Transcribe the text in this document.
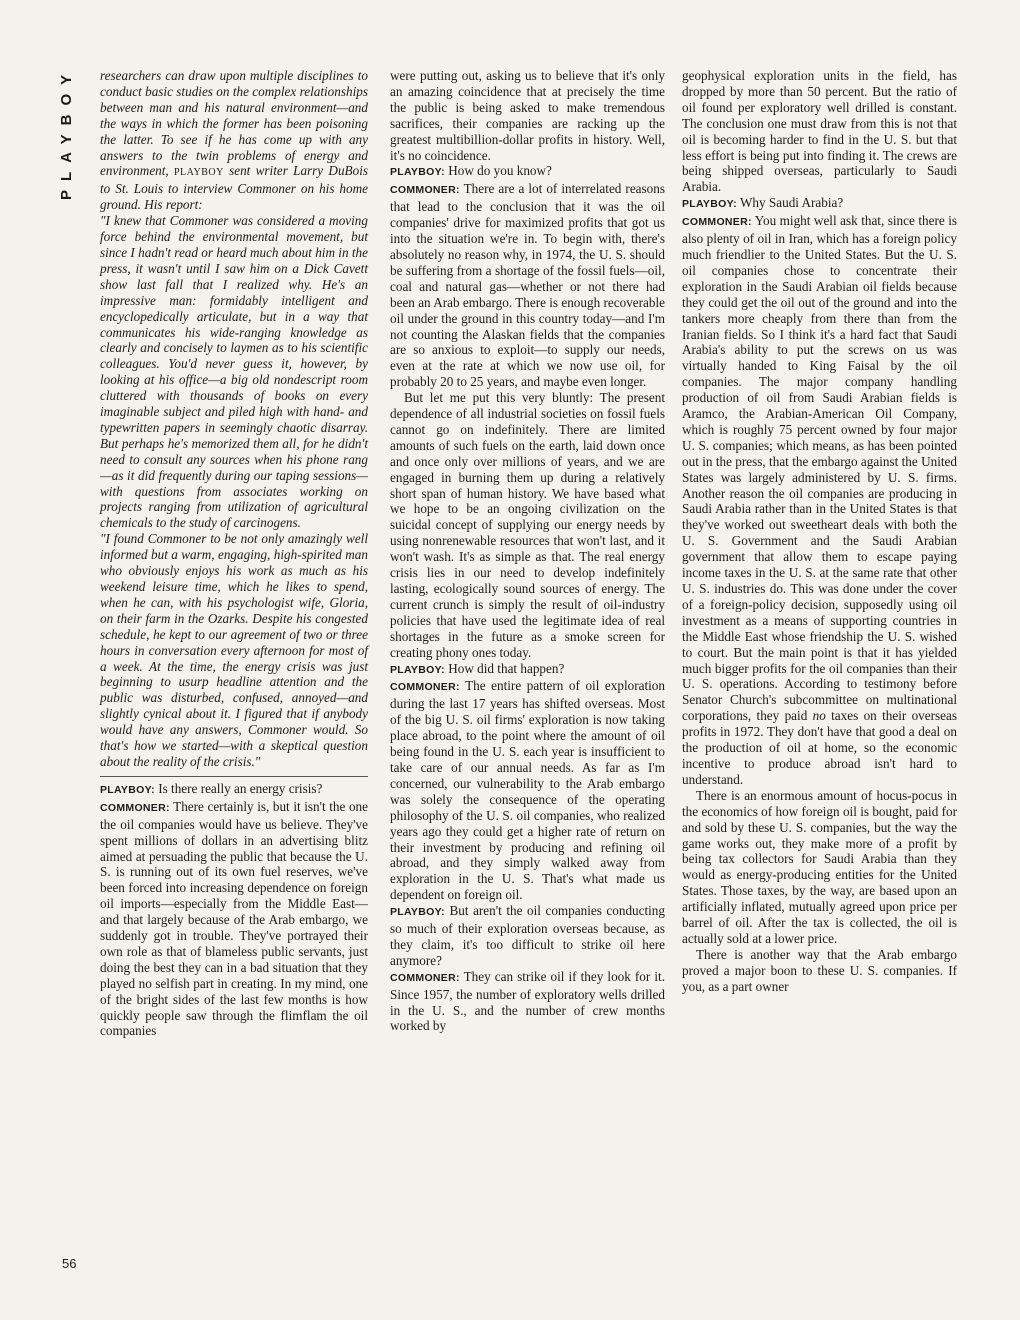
PLAYBOY
56

researchers can draw upon multiple disciplines to conduct basic studies on the complex relationships between man and his natural environment—and the ways in which the former has been poisoning the latter. To see if he has come up with any answers to the twin problems of energy and environment, PLAYBOY sent writer Larry DuBois to St. Louis to interview Commoner on his home ground. His report:

"I knew that Commoner was considered a moving force behind the environmental movement, but since I hadn't read or heard much about him in the press, it wasn't until I saw him on a Dick Cavett show last fall that I realized why. He's an impressive man: formidably intelligent and encyclopedically articulate, but in a way that communicates his wide-ranging knowledge as clearly and concisely to laymen as to his scientific colleagues. You'd never guess it, however, by looking at his office—a big old nondescript room cluttered with thousands of books on every imaginable subject and piled high with hand- and typewritten papers in seemingly chaotic disarray. But perhaps he's memorized them all, for he didn't need to consult any sources when his phone rang—as it did frequently during our taping sessions—with questions from associates working on projects ranging from utilization of agricultural chemicals to the study of carcinogens.

"I found Commoner to be not only amazingly well informed but a warm, engaging, high-spirited man who obviously enjoys his work as much as his weekend leisure time, which he likes to spend, when he can, with his psychologist wife, Gloria, on their farm in the Ozarks. Despite his congested schedule, he kept to our agreement of two or three hours in conversation every afternoon for most of a week. At the time, the energy crisis was just beginning to usurp headline attention and the public was disturbed, confused, annoyed—and slightly cynical about it. I figured that if anybody would have any answers, Commoner would. So that's how we started—with a skeptical question about the reality of the crisis."

PLAYBOY: Is there really an energy crisis?

COMMONER: There certainly is, but it isn't the one the oil companies would have us believe. They've spent millions of dollars in an advertising blitz aimed at persuading the public that because the U. S. is running out of its own fuel reserves, we've been forced into increasing dependence on foreign oil imports—especially from the Middle East—and that largely because of the Arab embargo, we suddenly got in trouble. They've portrayed their own role as that of blameless public servants, just doing the best they can in a bad situation that they played no selfish part in creating. In my mind, one of the bright sides of the last few months is how quickly people saw through the flimflam the oil companies

were putting out, asking us to believe that it's only an amazing coincidence that at precisely the time the public is being asked to make tremendous sacrifices, their companies are racking up the greatest multibillion-dollar profits in history. Well, it's no coincidence.

PLAYBOY: How do you know?

COMMONER: There are a lot of interrelated reasons that lead to the conclusion that it was the oil companies' drive for maximized profits that got us into the situation we're in. To begin with, there's absolutely no reason why, in 1974, the U. S. should be suffering from a shortage of the fossil fuels—oil, coal and natural gas—whether or not there had been an Arab embargo. There is enough recoverable oil under the ground in this country today—and I'm not counting the Alaskan fields that the companies are so anxious to exploit—to supply our needs, even at the rate at which we now use oil, for probably 20 to 25 years, and maybe even longer.

But let me put this very bluntly: The present dependence of all industrial societies on fossil fuels cannot go on indefinitely. There are limited amounts of such fuels on the earth, laid down once and once only over millions of years, and we are engaged in burning them up during a relatively short span of human history. We have based what we hope to be an ongoing civilization on the suicidal concept of supplying our energy needs by using nonrenewable resources that won't last, and it won't wash. It's as simple as that. The real energy crisis lies in our need to develop indefinitely lasting, ecologically sound sources of energy. The current crunch is simply the result of oil-industry policies that have used the legitimate idea of real shortages in the future as a smoke screen for creating phony ones today.

PLAYBOY: How did that happen?

COMMONER: The entire pattern of oil exploration during the last 17 years has shifted overseas. Most of the big U. S. oil firms' exploration is now taking place abroad, to the point where the amount of oil being found in the U. S. each year is insufficient to take care of our annual needs. As far as I'm concerned, our vulnerability to the Arab embargo was solely the consequence of the operating philosophy of the U. S. oil companies, who realized years ago they could get a higher rate of return on their investment by producing and refining oil abroad, and they simply walked away from exploration in the U. S. That's what made us dependent on foreign oil.

PLAYBOY: But aren't the oil companies conducting so much of their exploration overseas because, as they claim, it's too difficult to strike oil here anymore?

COMMONER: They can strike oil if they look for it. Since 1957, the number of exploratory wells drilled in the U. S., and the number of crew months worked by

geophysical exploration units in the field, has dropped by more than 50 percent. But the ratio of oil found per exploratory well drilled is constant. The conclusion one must draw from this is not that oil is becoming harder to find in the U. S. but that less effort is being put into finding it. The crews are being shipped overseas, particularly to Saudi Arabia.

PLAYBOY: Why Saudi Arabia?

COMMONER: You might well ask that, since there is also plenty of oil in Iran, which has a foreign policy much friendlier to the United States. But the U. S. oil companies chose to concentrate their exploration in the Saudi Arabian oil fields because they could get the oil out of the ground and into the tankers more cheaply from there than from the Iranian fields. So I think it's a hard fact that Saudi Arabia's ability to put the screws on us was virtually handed to King Faisal by the oil companies. The major company handling production of oil from Saudi Arabian fields is Aramco, the Arabian-American Oil Company, which is roughly 75 percent owned by four major U. S. companies; which means, as has been pointed out in the press, that the embargo against the United States was largely administered by U. S. firms. Another reason the oil companies are producing in Saudi Arabia rather than in the United States is that they've worked out sweetheart deals with both the U. S. Government and the Saudi Arabian government that allow them to escape paying income taxes in the U. S. at the same rate that other U. S. industries do. This was done under the cover of a foreign-policy decision, supposedly using oil investment as a means of supporting countries in the Middle East whose friendship the U. S. wished to court. But the main point is that it has yielded much bigger profits for the oil companies than their U. S. operations. According to testimony before Senator Church's subcommittee on multinational corporations, they paid no taxes on their overseas profits in 1972. They don't have that good a deal on the production of oil at home, so the economic incentive to produce abroad isn't hard to understand.

There is an enormous amount of hocus-pocus in the economics of how foreign oil is bought, paid for and sold by these U. S. companies, but the way the game works out, they make more of a profit by being tax collectors for Saudi Arabia than they would as energy-producing entities for the United States. Those taxes, by the way, are based upon an artificially inflated, mutually agreed upon price per barrel of oil. After the tax is collected, the oil is actually sold at a lower price.

There is another way that the Arab embargo proved a major boon to these U. S. companies. If you, as a part owner
